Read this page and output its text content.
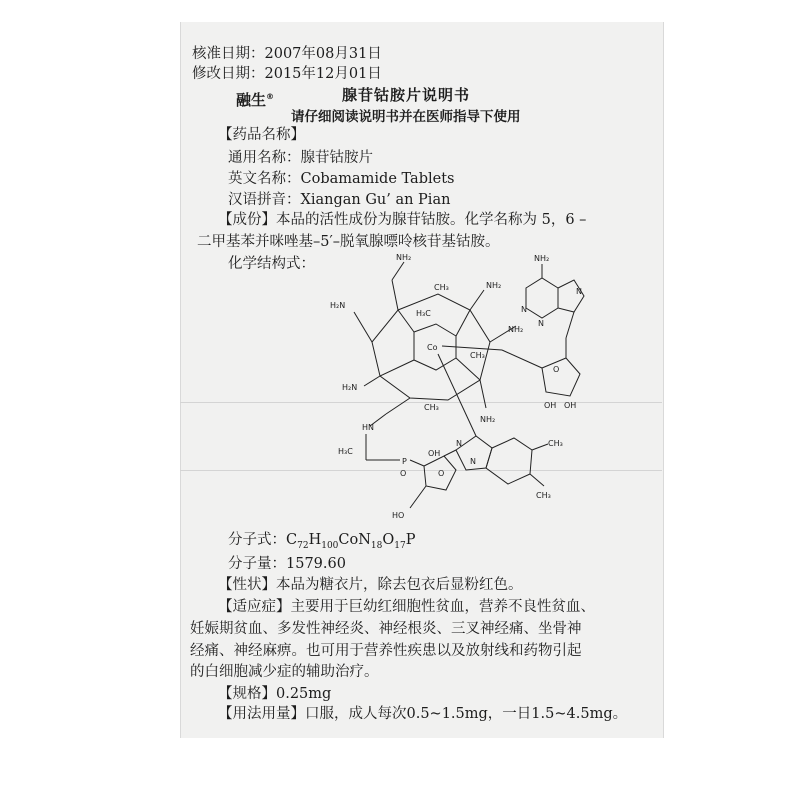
核准日期：2007年08月31日
修改日期：2015年12月01日
融生®	腺苷钴胺片说明书
请仔细阅读说明书并在医师指导下使用
【药品名称】
通用名称：腺苷钴胺片
英文名称：Cobamamide Tablets
汉语拼音：Xiangan Gu’ an Pian
【成份】本品的活性成份为腺苷钴胺。化学名称为 5，6 –
二甲基苯并咪唑基–5′–脱氧腺嘌呤核苷基钴胺。
化学结构式：	NH₂
N
N
N
O
OH OH
Co
NH₂
NH₂
NH₂
H₂N
H₂N
NH₂
H₃C
CH₃
CH₃
CH₃
HN
H₃C
P
O	O
OH
HO
N
N
CH₃
CH₃
分子式：$C_{72}H_{100}CoN_{18}O_{17}P$
分子量：1579.60
【性状】本品为糖衣片，除去包衣后显粉红色。
【适应症】主要用于巨幼红细胞性贫血，营养不良性贫血、
妊娠期贫血、多发性神经炎、神经根炎、三叉神经痛、坐骨神
经痛、神经麻痹。也可用于营养性疾患以及放射线和药物引起
的白细胞减少症的辅助治疗。
【规格】0.25mg
【用法用量】口服，成人每次0.5~1.5mg，一日1.5~4.5mg。
